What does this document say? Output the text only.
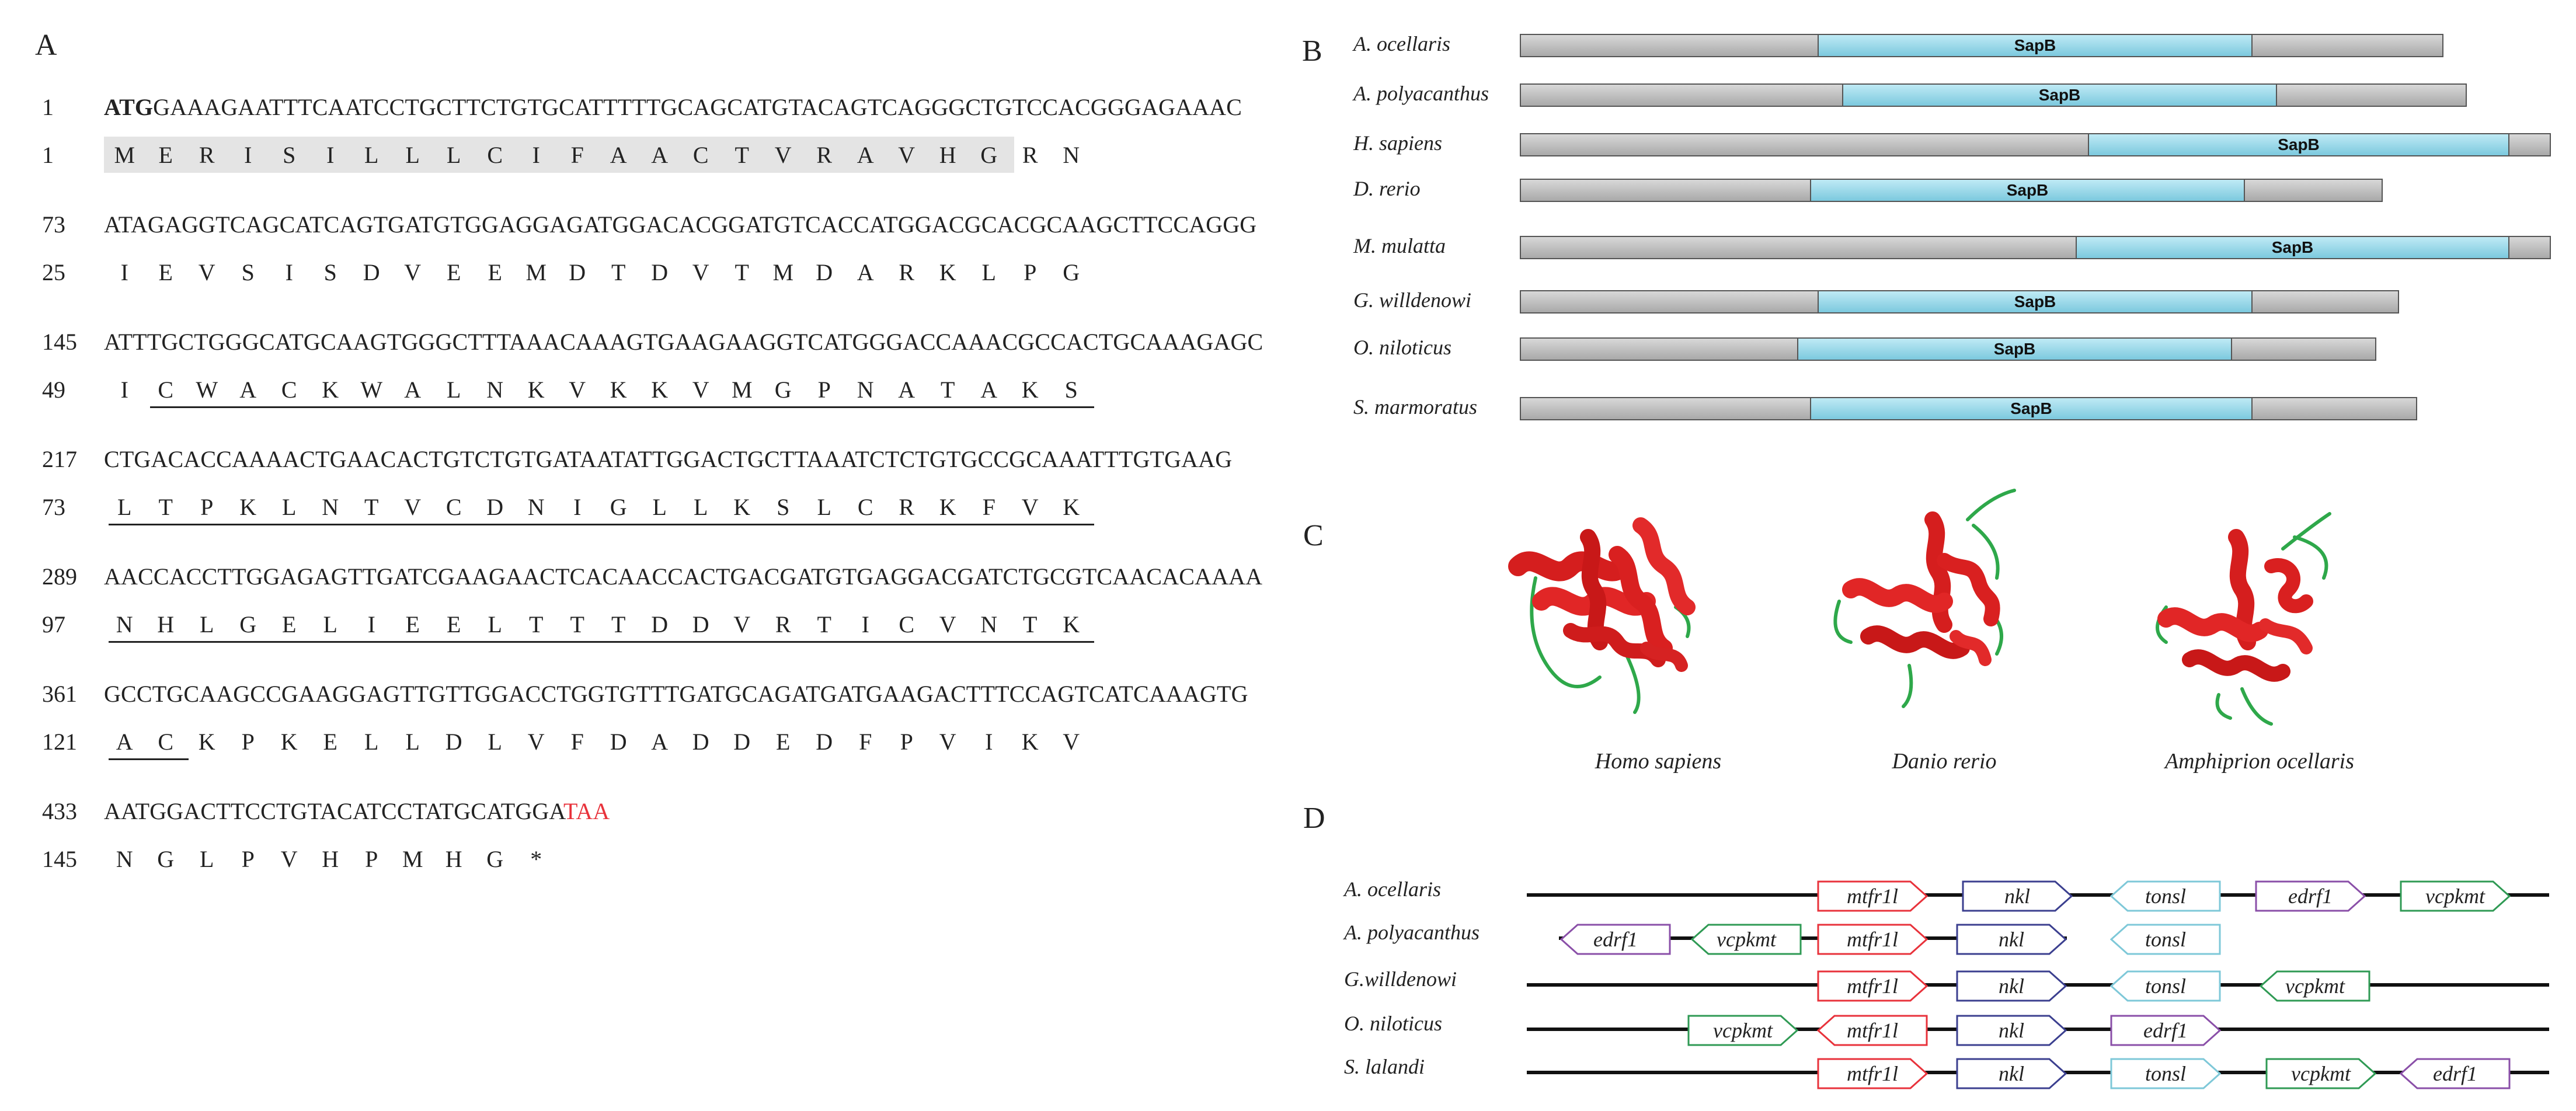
A
1 ATGGAAAGAATTTCAATCCTGCTTCTGTGCATTTTTGCAGCATGTACAGTCAGGGCTGTCCACGGGAGAAAC
1	M	E	R	I	S	I	L	L	L	C	I	F	A	A	C	T	V	R	A	V	H	G	R	N
73 ATAGAGGTCAGCATCAGTGATGTGGAGGAGATGGACACGGATGTCACCATGGACGCACGCAAGCTTCCAGGG
25	I	E	V	S	I	S	D	V	E	E	M D	T	D	V	T	M D	A	R	K	L	P	G
145 ATTTGCTGGGCATGCAAGTGGGCTTTAAACAAAGTGAAGAAGGTCATGGGACCAAACGCCACTGCAAAGAGC
49	I	C W A	C	K W A	L	N	K	V	K	K	V M G	P	N	A	T	A	K	S
217 CTGACACCAAAACTGAACACTGTCTGTGATAATATTGGACTGCTTAAATCTCTGTGCCGCAAATTTGTGAAG
73	L	T	P	K	L	N	T	V	C	D	N	I	G	L	L	K	S	L	C	R	K	F	V	K
289 AACCACCTTGGAGAGTTGATCGAAGAACTCACAACCACTGACGATGTGAGGACGATCTGCGTCAACACAAAA
97	N	H	L	G	E	L	I	E	E	L	T	T	T	D	D	V	R	T	I	C	V	N	T	K
361 GCCTGCAAGCCGAAGGAGTTGTTGGACCTGGTGTTTGATGCAGATGATGAAGACTTTCCAGTCATCAAAGTG
121	A	C	K	P	K	E	L	L	D	L	V	F	D	A	D	D	E	D	F	P	V	I	K	V
433 AATGGACTTCCTGTACATCCTATGCATGGATAA
145	N	G	L	P	V	H	P	M H	G	*
B A. ocellaris	SapB
A. polyacanthus	SapB
H. sapiens	SapB
D. rerio	SapB
M. mulatta	SapB
G. willdenowi	SapB
O. niloticus	SapB
S. marmoratus	SapB
C
Homo sapiens	Danio rerio	Amphiprion ocellaris
D
A. ocellaris	mtfr1l	nkl	tonsl	edrf1	vcpkmt
A. polyacanthus	edrf1	vcpkmt	mtfr1l	nkl	tonsl
G.willdenowi	mtfr1l	nkl	tonsl	vcpkmt
O. niloticus	vcpkmt	mtfr1l	nkl	edrf1
S. lalandi	mtfr1l	nkl	tonsl	vcpkmt	edrf1
